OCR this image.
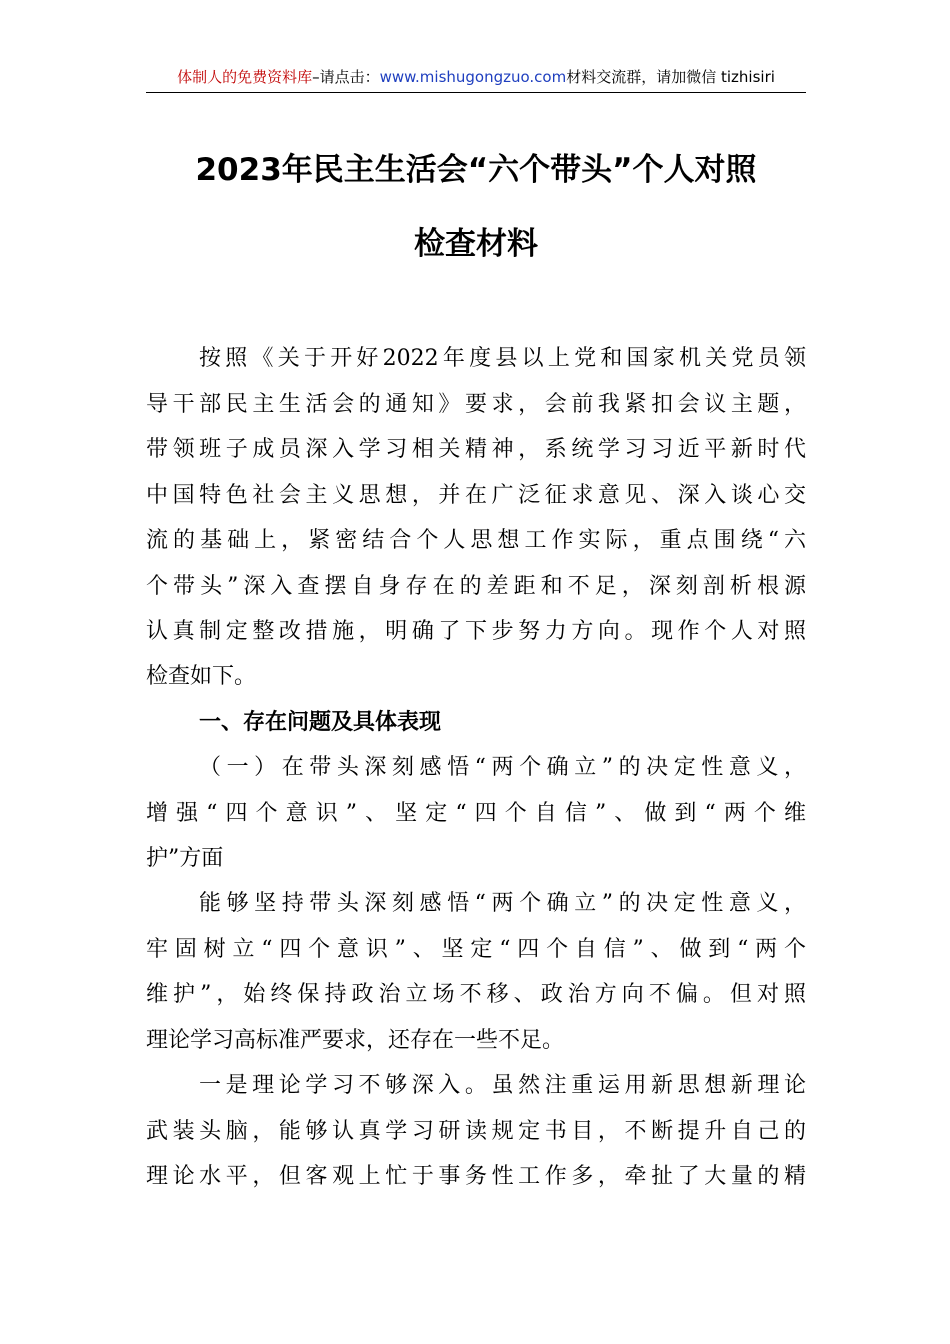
体制人的免费资料库–请点击：www.mishugongzuo.com材料交流群，请加微信 tizhisiri
2023年民主生活会“六个带头”个人对照
检查材料
按照《关于开好2022年度县以上党和国家机关党员领
导干部民主生活会的通知》要求，会前我紧扣会议主题，
带领班子成员深入学习相关精神，系统学习习近平新时代
中国特色社会主义思想，并在广泛征求意见、深入谈心交
流的基础上，紧密结合个人思想工作实际，重点围绕“六
个带头”深入查摆自身存在的差距和不足，深刻剖析根源
认真制定整改措施，明确了下步努力方向。现作个人对照
检查如下。
一、存在问题及具体表现
（一）在带头深刻感悟“两个确立”的决定性意义，
增强“四个意识”、坚定“四个自信”、做到“两个维
护”方面
能够坚持带头深刻感悟“两个确立”的决定性意义，
牢固树立“四个意识”、坚定“四个自信”、做到“两个
维护”，始终保持政治立场不移、政治方向不偏。但对照
理论学习高标准严要求，还存在一些不足。
一是理论学习不够深入。虽然注重运用新思想新理论
武装头脑，能够认真学习研读规定书目，不断提升自己的
理论水平，但客观上忙于事务性工作多，牵扯了大量的精
